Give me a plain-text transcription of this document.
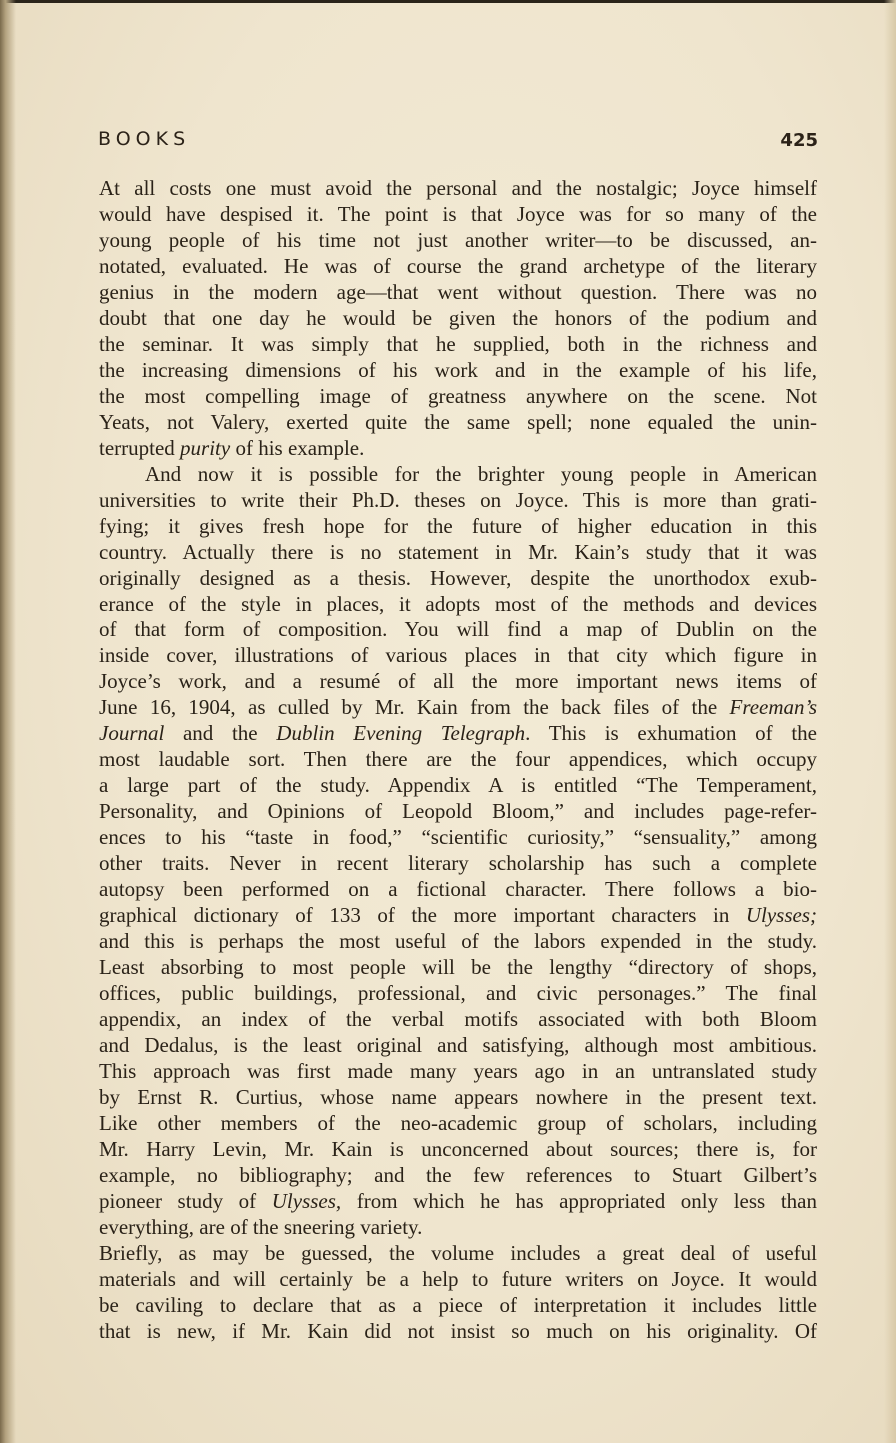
BOOKS	425
At all costs one must avoid the personal and the nostalgic; Joyce himself
would have despised it. The point is that Joyce was for so many of the
young people of his time not just another writer—to be discussed, an-
notated, evaluated. He was of course the grand archetype of the literary
genius in the modern age—that went without question. There was no
doubt that one day he would be given the honors of the podium and
the seminar. It was simply that he supplied, both in the richness and
the increasing dimensions of his work and in the example of his life,
the most compelling image of greatness anywhere on the scene. Not
Yeats, not Valery, exerted quite the same spell; none equaled the unin-
terrupted purity of his example.
And now it is possible for the brighter young people in American
universities to write their Ph.D. theses on Joyce. This is more than grati-
fying; it gives fresh hope for the future of higher education in this
country. Actually there is no statement in Mr. Kain’s study that it was
originally designed as a thesis. However, despite the unorthodox exub-
erance of the style in places, it adopts most of the methods and devices
of that form of composition. You will find a map of Dublin on the
inside cover, illustrations of various places in that city which figure in
Joyce’s work, and a resumé of all the more important news items of
June 16, 1904, as culled by Mr. Kain from the back files of the Freeman’s
Journal and the Dublin Evening Telegraph. This is exhumation of the
most laudable sort. Then there are the four appendices, which occupy
a large part of the study. Appendix A is entitled “The Temperament,
Personality, and Opinions of Leopold Bloom,” and includes page-refer-
ences to his “taste in food,” “scientific curiosity,” “sensuality,” among
other traits. Never in recent literary scholarship has such a complete
autopsy been performed on a fictional character. There follows a bio-
graphical dictionary of 133 of the more important characters in Ulysses;
and this is perhaps the most useful of the labors expended in the study.
Least absorbing to most people will be the lengthy “directory of shops,
offices, public buildings, professional, and civic personages.” The final
appendix, an index of the verbal motifs associated with both Bloom
and Dedalus, is the least original and satisfying, although most ambitious.
This approach was first made many years ago in an untranslated study
by Ernst R. Curtius, whose name appears nowhere in the present text.
Like other members of the neo-academic group of scholars, including
Mr. Harry Levin, Mr. Kain is unconcerned about sources; there is, for
example, no bibliography; and the few references to Stuart Gilbert’s
pioneer study of Ulysses, from which he has appropriated only less than
everything, are of the sneering variety.
Briefly, as may be guessed, the volume includes a great deal of useful
materials and will certainly be a help to future writers on Joyce. It would
be caviling to declare that as a piece of interpretation it includes little
that is new, if Mr. Kain did not insist so much on his originality. Of
